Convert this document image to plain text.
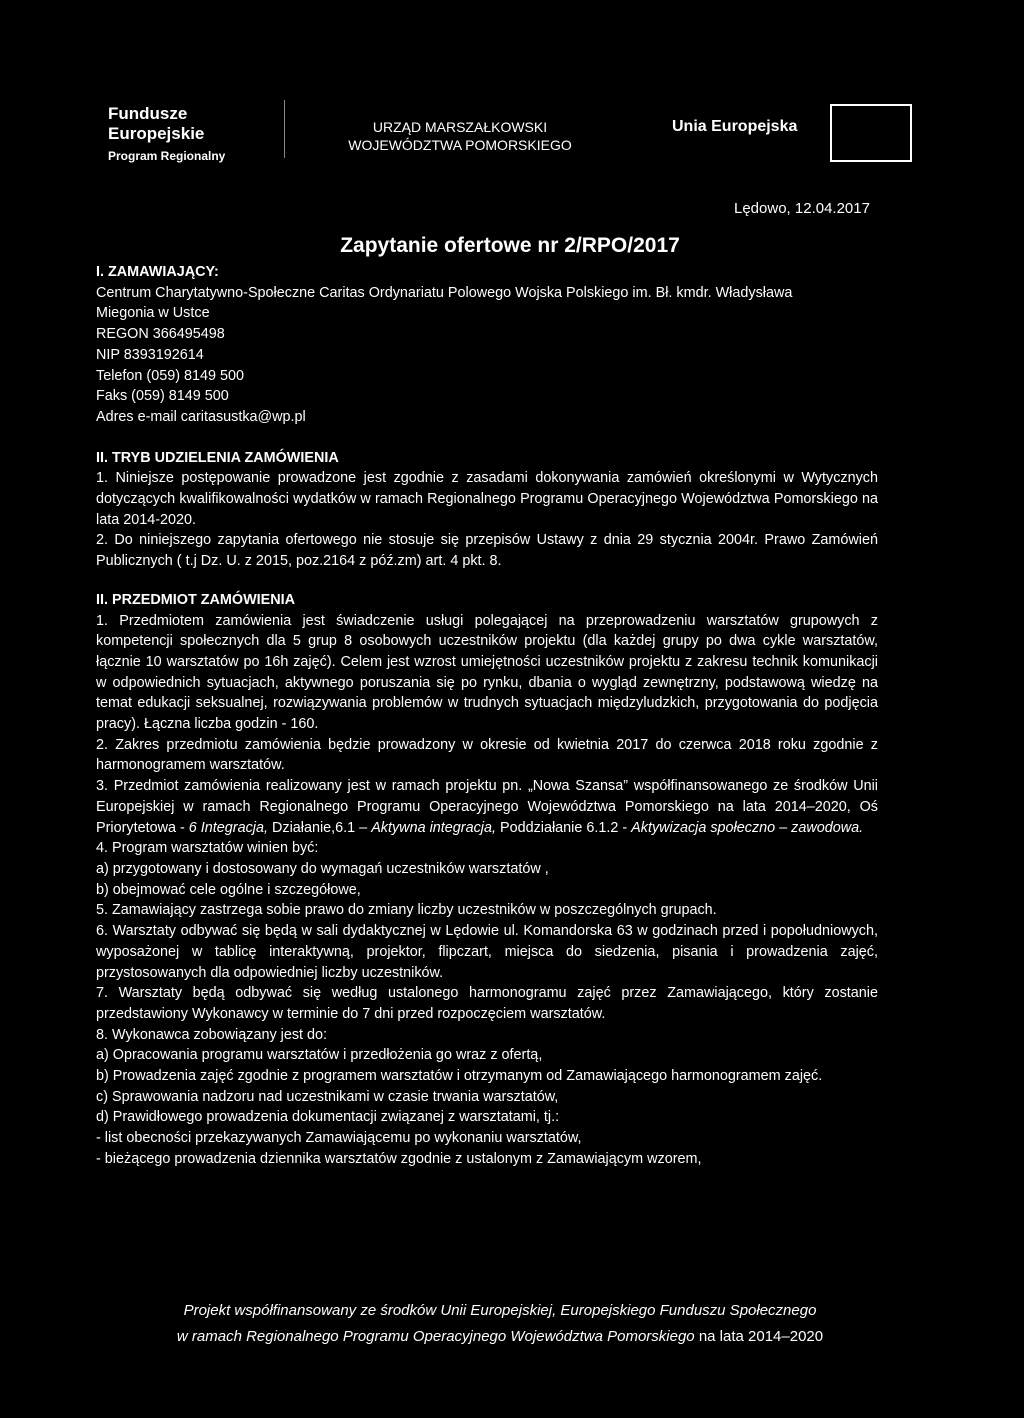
Fundusze
Europejskie
Program Regionalny
URZĄD MARSZAŁKOWSKI
WOJEWÓDZTWA POMORSKIEGO
Unia Europejska
Lędowo, 12.04.2017
Zapytanie ofertowe nr 2/RPO/2017

I. ZAMAWIAJĄCY:

Centrum Charytatywno-Społeczne Caritas Ordynariatu Polowego Wojska Polskiego im. Bł. kmdr. Władysława

Miegonia w Ustce

REGON 366495498

NIP 8393192614

Telefon (059) 8149 500

Faks (059) 8149 500

Adres e-mail caritasustka@wp.pl

II. TRYB UDZIELENIA ZAMÓWIENIA

1. Niniejsze postępowanie prowadzone jest zgodnie z zasadami dokonywania zamówień określonymi w Wytycznych dotyczących kwalifikowalności wydatków w ramach Regionalnego Programu Operacyjnego Województwa Pomorskiego na lata 2014-2020.

2. Do niniejszego zapytania ofertowego nie stosuje się przepisów Ustawy z dnia 29 stycznia 2004r. Prawo Zamówień Publicznych ( t.j Dz. U. z 2015, poz.2164 z póź.zm) art. 4 pkt. 8.

II. PRZEDMIOT ZAMÓWIENIA

1. Przedmiotem zamówienia jest świadczenie usługi polegającej na przeprowadzeniu warsztatów grupowych z kompetencji społecznych dla 5 grup 8 osobowych uczestników projektu (dla każdej grupy po dwa cykle warsztatów, łącznie 10 warsztatów po 16h zajęć). Celem jest wzrost umiejętności uczestników projektu z zakresu technik komunikacji w odpowiednich sytuacjach, aktywnego poruszania się po rynku, dbania o wygląd zewnętrzny, podstawową wiedzę na temat edukacji seksualnej, rozwiązywania problemów w trudnych sytuacjach międzyludzkich, przygotowania do podjęcia pracy). Łączna liczba godzin - 160.

2. Zakres przedmiotu zamówienia będzie prowadzony w okresie od kwietnia 2017 do czerwca 2018 roku zgodnie z harmonogramem warsztatów.

3. Przedmiot zamówienia realizowany jest w ramach projektu pn. „Nowa Szansa” współfinansowanego ze środków Unii Europejskiej w ramach Regionalnego Programu Operacyjnego Województwa Pomorskiego na lata 2014–2020, Oś Priorytetowa - 6 Integracja, Działanie,6.1 – Aktywna integracja, Poddziałanie 6.1.2 - Aktywizacja społeczno – zawodowa.

4. Program warsztatów winien być:

a) przygotowany i dostosowany do wymagań uczestników warsztatów ,

b) obejmować cele ogólne i szczegółowe,

5. Zamawiający zastrzega sobie prawo do zmiany liczby uczestników w poszczególnych grupach.

6. Warsztaty odbywać się będą w sali dydaktycznej w Lędowie ul. Komandorska 63 w godzinach przed i popołudniowych, wyposażonej w tablicę interaktywną, projektor, flipczart, miejsca do siedzenia, pisania i prowadzenia zajęć, przystosowanych dla odpowiedniej liczby uczestników.

7. Warsztaty będą odbywać się według ustalonego harmonogramu zajęć przez Zamawiającego, który zostanie przedstawiony Wykonawcy w terminie do 7 dni przed rozpoczęciem warsztatów.

8. Wykonawca zobowiązany jest do:

a) Opracowania programu warsztatów i przedłożenia go wraz z ofertą,

b) Prowadzenia zajęć zgodnie z programem warsztatów i otrzymanym od Zamawiającego harmonogramem zajęć.

c) Sprawowania nadzoru nad uczestnikami w czasie trwania warsztatów,

d) Prawidłowego prowadzenia dokumentacji związanej z warsztatami, tj.:

- list obecności przekazywanych Zamawiającemu po wykonaniu warsztatów,

- bieżącego prowadzenia dziennika warsztatów zgodnie z ustalonym z Zamawiającym wzorem,

Projekt współfinansowany ze środków Unii Europejskiej, Europejskiego Funduszu Społecznego
w ramach Regionalnego Programu Operacyjnego Województwa Pomorskiego na lata 2014–2020
